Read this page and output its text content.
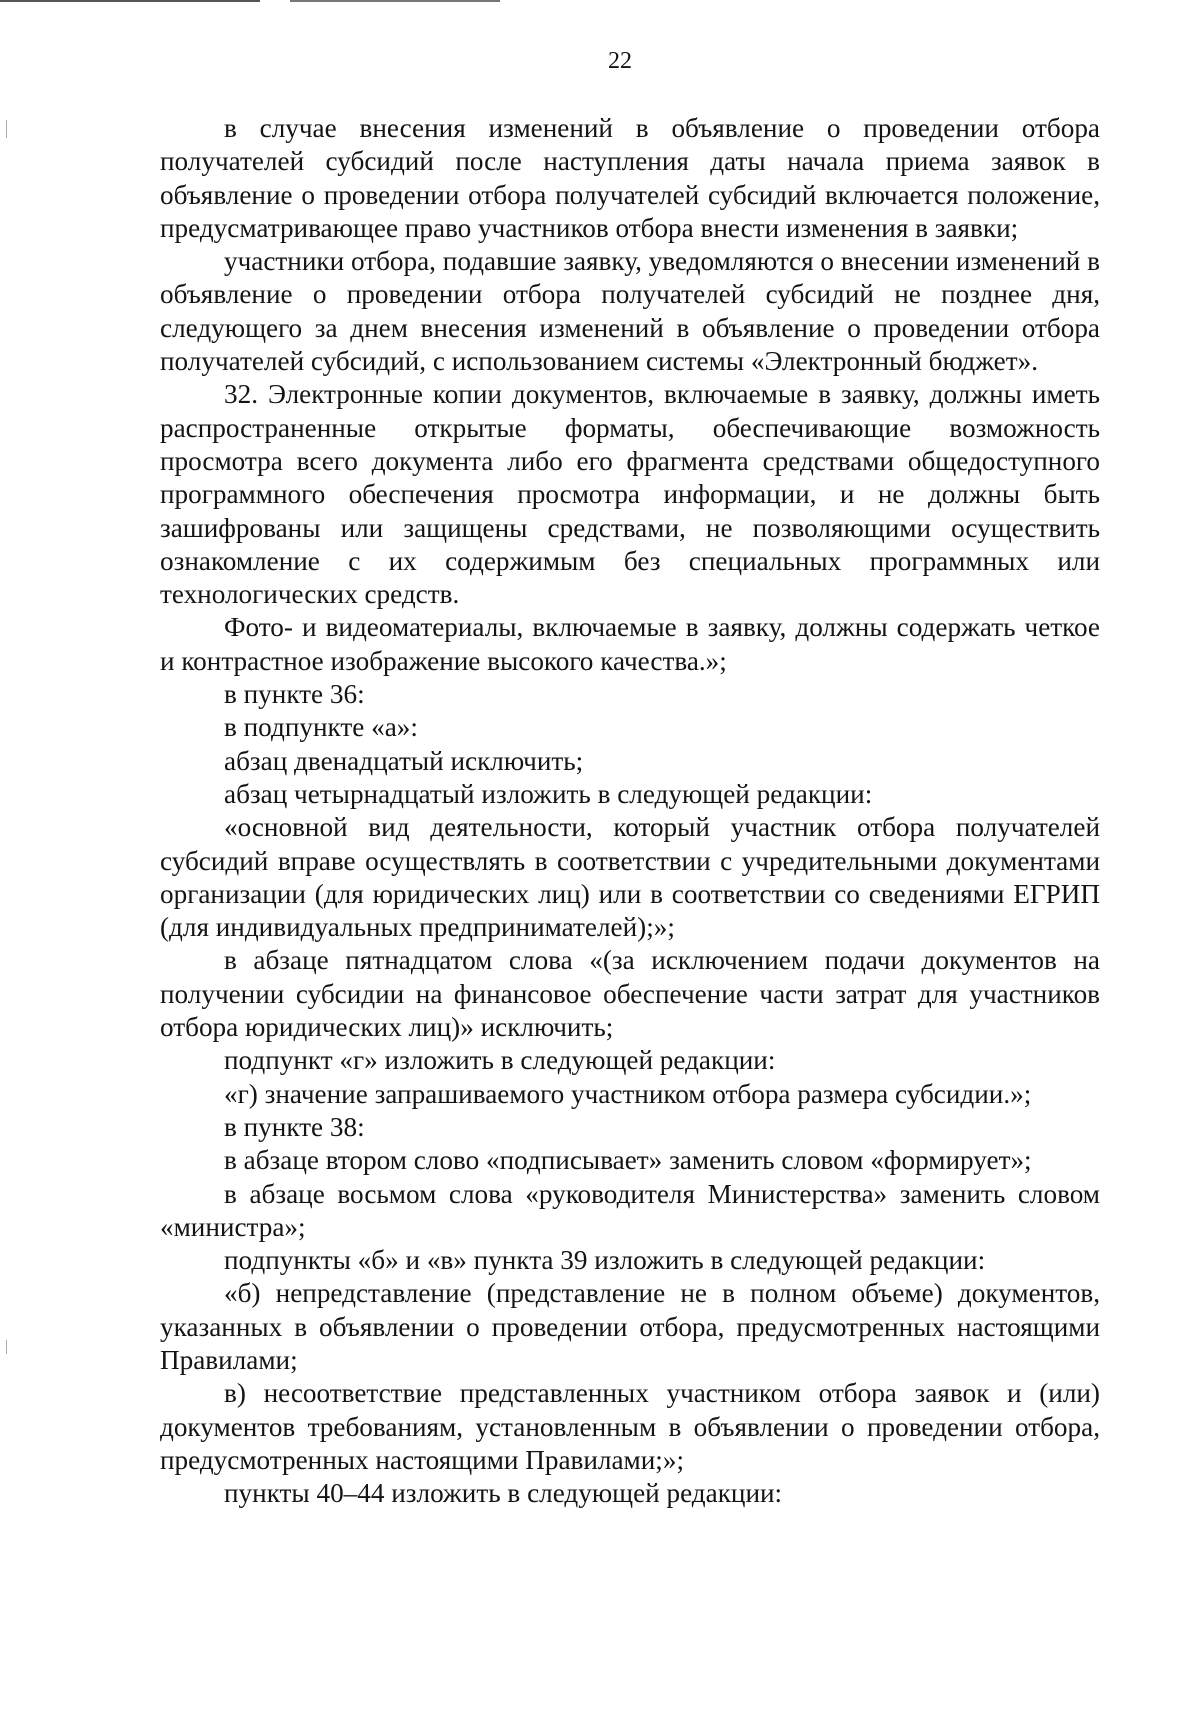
22

в случае внесения изменений в объявление о проведении отбора получателей субсидий после наступления даты начала приема заявок в объявление о проведении отбора получателей субсидий включается положение, предусматривающее право участников отбора внести изменения в заявки;

участники отбора, подавшие заявку, уведомляются о внесении изменений в объявление о проведении отбора получателей субсидий не позднее дня, следующего за днем внесения изменений в объявление о проведении отбора получателей субсидий, с использованием системы «Электронный бюджет».

32. Электронные копии документов, включаемые в заявку, должны иметь распространенные открытые форматы, обеспечивающие возможность просмотра всего документа либо его фрагмента средствами общедоступного программного обеспечения просмотра информации, и не должны быть зашифрованы или защищены средствами, не позволяющими осуществить ознакомление с их содержимым без специальных программных или технологических средств.

Фото- и видеоматериалы, включаемые в заявку, должны содержать четкое и контрастное изображение высокого качества.»;

в пункте 36:

в подпункте «а»:

абзац двенадцатый исключить;

абзац четырнадцатый изложить в следующей редакции:

«основной вид деятельности, который участник отбора получателей субсидий вправе осуществлять в соответствии с учредительными документами организации (для юридических лиц) или в соответствии со сведениями ЕГРИП (для индивидуальных предпринимателей);»;

в абзаце пятнадцатом слова «(за исключением подачи документов на получении субсидии на финансовое обеспечение части затрат для участников отбора юридических лиц)» исключить;

подпункт «г» изложить в следующей редакции:

«г) значение запрашиваемого участником отбора размера субсидии.»;

в пункте 38:

в абзаце втором слово «подписывает» заменить словом «формирует»;

в абзаце восьмом слова «руководителя Министерства» заменить словом «министра»;

подпункты «б» и «в» пункта 39 изложить в следующей редакции:

«б) непредставление (представление не в полном объеме) документов, указанных в объявлении о проведении отбора, предусмотренных настоящими Правилами;

в) несоответствие представленных участником отбора заявок и (или) документов требованиям, установленным в объявлении о проведении отбора, предусмотренных настоящими Правилами;»;

пункты 40–44 изложить в следующей редакции:
